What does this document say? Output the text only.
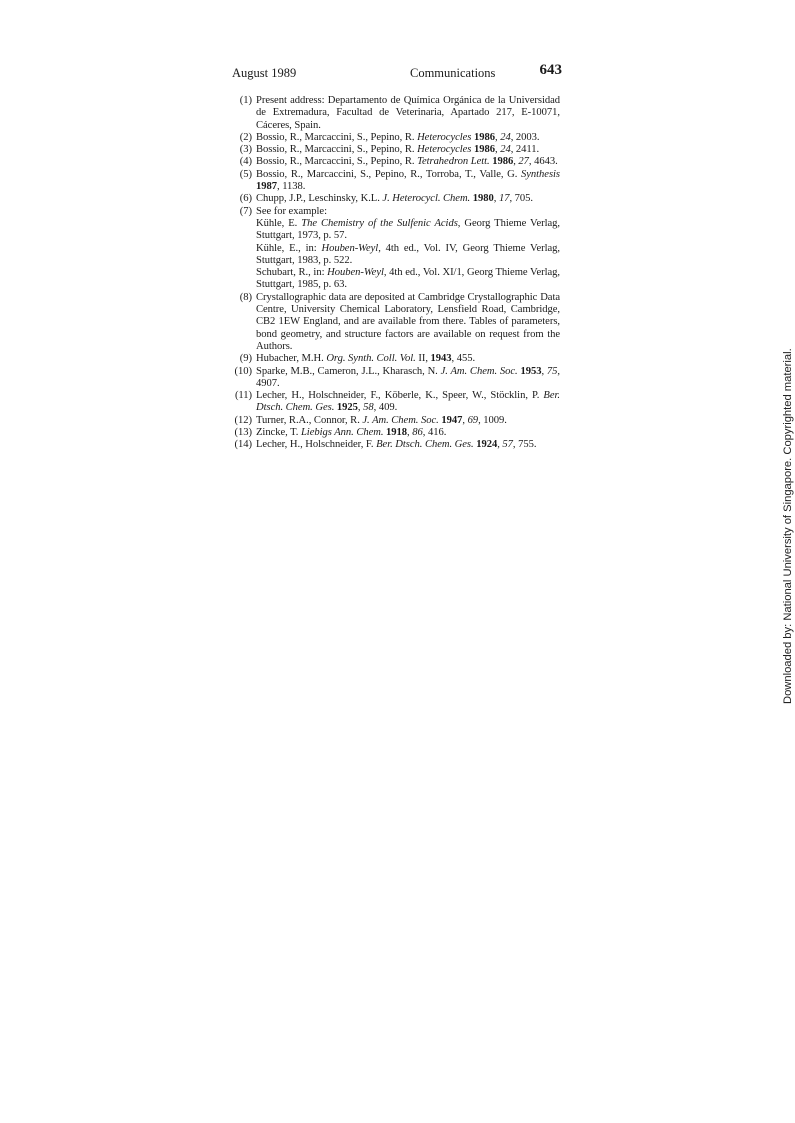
August 1989	Communications	643
(1) Present address: Departamento de Química Orgánica de la Universidad de Extremadura, Facultad de Veterinaria, Apartado 217, E-10071, Cáceres, Spain.
(2) Bossio, R., Marcaccini, S., Pepino, R. Heterocycles 1986, 24, 2003.
(3) Bossio, R., Marcaccini, S., Pepino, R. Heterocycles 1986, 24, 2411.
(4) Bossio, R., Marcaccini, S., Pepino, R. Tetrahedron Lett. 1986, 27, 4643.
(5) Bossio, R., Marcaccini, S., Pepino, R., Torroba, T., Valle, G. Synthesis 1987, 1138.
(6) Chupp, J.P., Leschinsky, K.L. J. Heterocycl. Chem. 1980, 17, 705.
(7) See for example:
Kühle, E. The Chemistry of the Sulfenic Acids, Georg Thieme Verlag, Stuttgart, 1973, p. 57.
Kühle, E., in: Houben-Weyl, 4th ed., Vol. IV, Georg Thieme Verlag, Stuttgart, 1983, p. 522.
Schubart, R., in: Houben-Weyl, 4th ed., Vol. XI/1, Georg Thieme Verlag, Stuttgart, 1985, p. 63.
(8) Crystallographic data are deposited at Cambridge Crystallographic Data Centre, University Chemical Laboratory, Lensfield Road, Cambridge, CB2 1EW England, and are available from there. Tables of parameters, bond geometry, and structure factors are available on request from the Authors.
(9) Hubacher, M.H. Org. Synth. Coll. Vol. II, 1943, 455.
(10) Sparke, M.B., Cameron, J.L., Kharasch, N. J. Am. Chem. Soc. 1953, 75, 4907.
(11) Lecher, H., Holschneider, F., Köberle, K., Speer, W., Stöcklin, P. Ber. Dtsch. Chem. Ges. 1925, 58, 409.
(12) Turner, R.A., Connor, R. J. Am. Chem. Soc. 1947, 69, 1009.
(13) Zincke, T. Liebigs Ann. Chem. 1918, 86, 416.
(14) Lecher, H., Holschneider, F. Ber. Dtsch. Chem. Ges. 1924, 57, 755.	Downloaded by: National University of Singapore. Copyrighted material.
